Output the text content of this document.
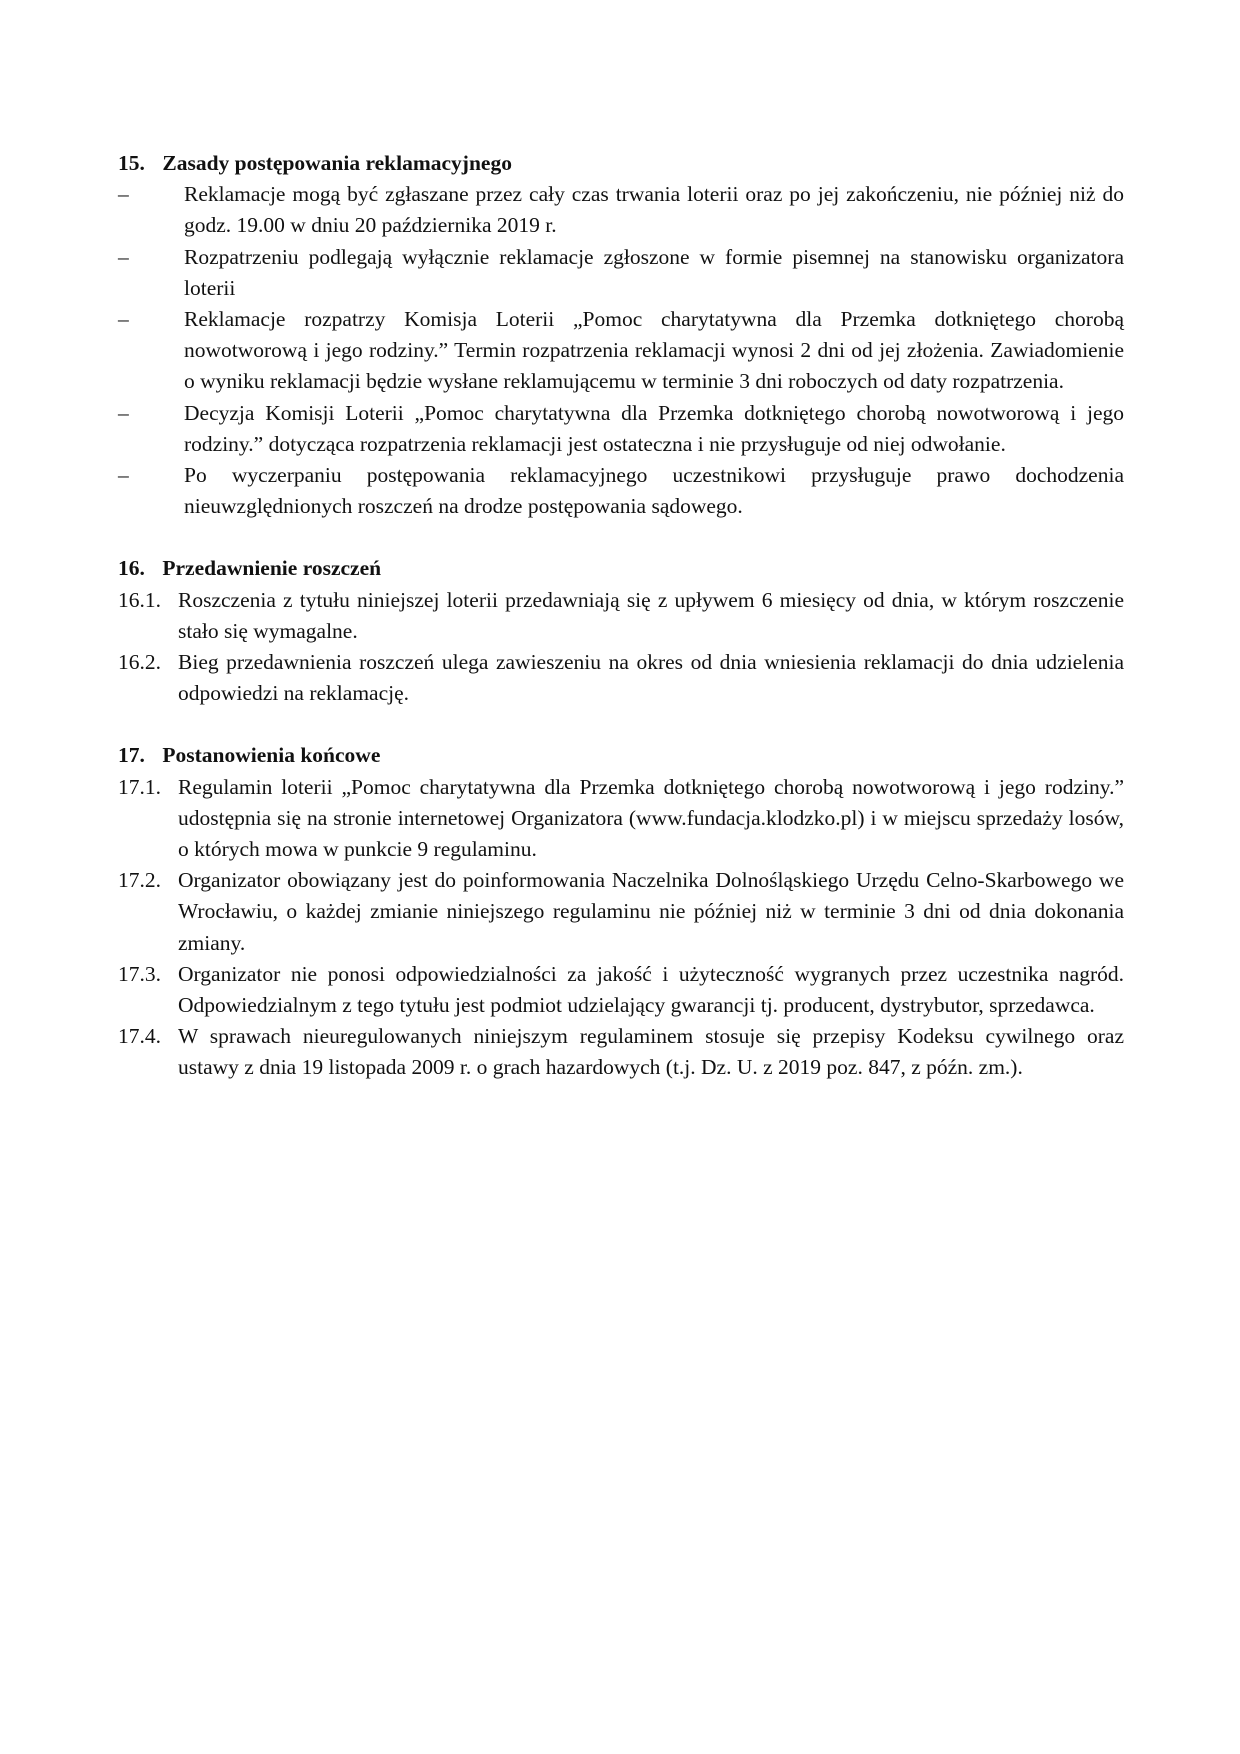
15. Zasady postępowania reklamacyjnego
–	Reklamacje mogą być zgłaszane przez cały czas trwania loterii oraz po jej zakończeniu, nie później niż do godz. 19.00 w dniu 20 października 2019 r.
–	Rozpatrzeniu podlegają wyłącznie reklamacje zgłoszone w formie pisemnej na stanowisku organizatora loterii
–	Reklamacje rozpatrzy Komisja Loterii „Pomoc charytatywna dla Przemka dotkniętego chorobą nowotworową i jego rodziny.” Termin rozpatrzenia reklamacji wynosi 2 dni od jej złożenia. Zawiadomienie o wyniku reklamacji będzie wysłane reklamującemu w terminie 3 dni roboczych od daty rozpatrzenia.
–	Decyzja Komisji Loterii „Pomoc charytatywna dla Przemka dotkniętego chorobą nowotworową i jego rodziny.” dotycząca rozpatrzenia reklamacji jest ostateczna i nie przysługuje od niej odwołanie.
–	Po wyczerpaniu postępowania reklamacyjnego uczestnikowi przysługuje prawo dochodzenia nieuwzględnionych roszczeń na drodze postępowania sądowego.
16. Przedawnienie roszczeń
16.1. Roszczenia z tytułu niniejszej loterii przedawniają się z upływem 6 miesięcy od dnia, w którym roszczenie stało się wymagalne.
16.2. Bieg przedawnienia roszczeń ulega zawieszeniu na okres od dnia wniesienia reklamacji do dnia udzielenia odpowiedzi na reklamację.
17. Postanowienia końcowe
17.1. Regulamin loterii „Pomoc charytatywna dla Przemka dotkniętego chorobą nowotworową i jego rodziny.” udostępnia się na stronie internetowej Organizatora (www.fundacja.klodzko.pl) i w miejscu sprzedaży losów, o których mowa w punkcie 9 regulaminu.
17.2. Organizator obowiązany jest do poinformowania Naczelnika Dolnośląskiego Urzędu Celno-Skarbowego we Wrocławiu, o każdej zmianie niniejszego regulaminu nie później niż w terminie 3 dni od dnia dokonania zmiany.
17.3. Organizator nie ponosi odpowiedzialności za jakość i użyteczność wygranych przez uczestnika nagród. Odpowiedzialnym z tego tytułu jest podmiot udzielający gwarancji tj. producent, dystrybutor, sprzedawca.
17.4. W sprawach nieuregulowanych niniejszym regulaminem stosuje się przepisy Kodeksu cywilnego oraz ustawy z dnia 19 listopada 2009 r. o grach hazardowych (t.j. Dz. U. z 2019 poz. 847, z późn. zm.).
